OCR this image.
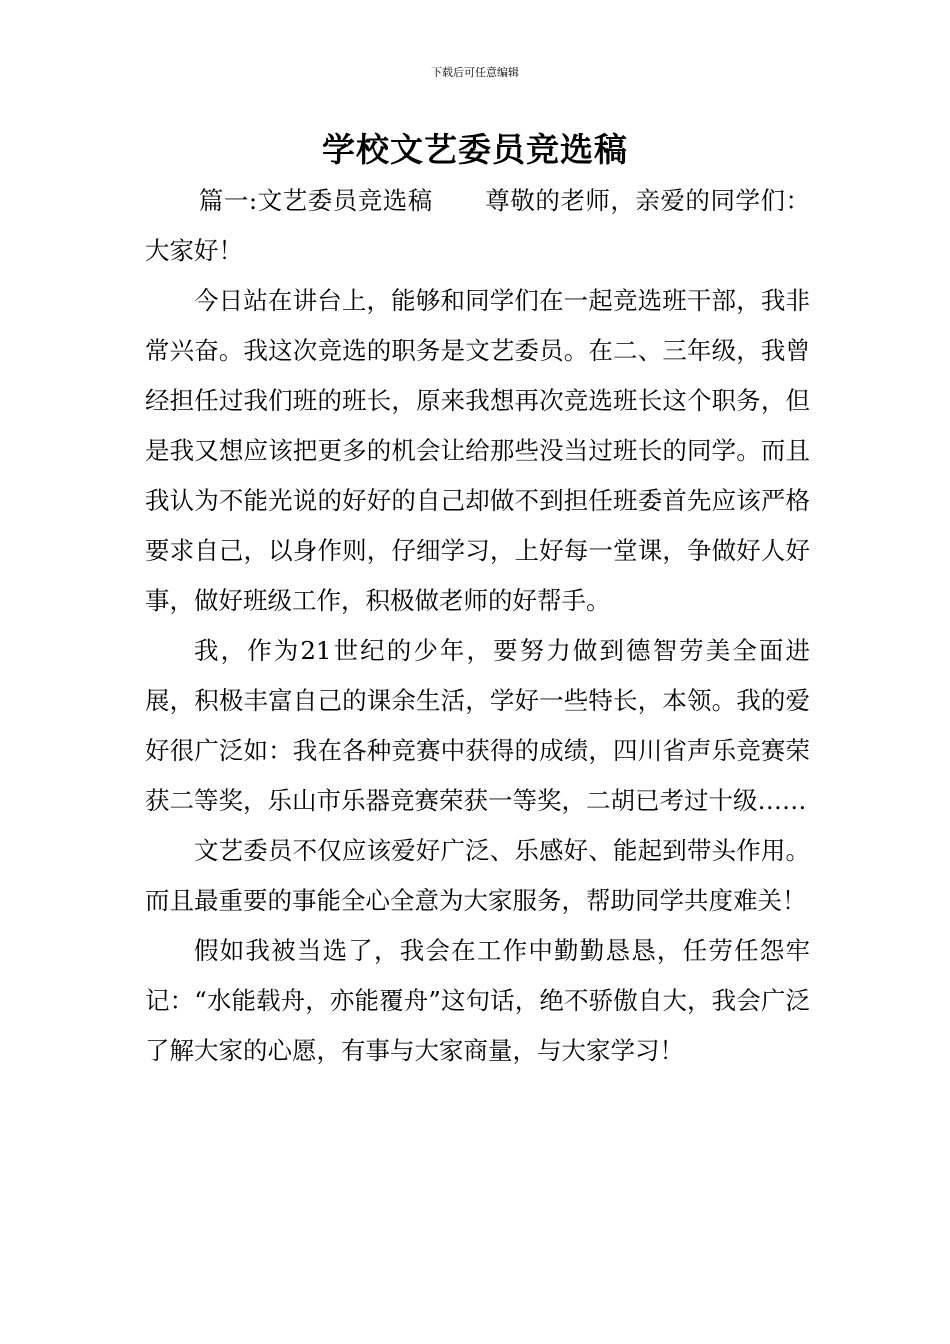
下载后可任意编辑
学校文艺委员竞选稿

篇一:文艺委员竞选稿 尊敬的老师，亲爱的同学们：大家好！

今日站在讲台上，能够和同学们在一起竞选班干部，我非常兴奋。我这次竞选的职务是文艺委员。在二、三年级，我曾经担任过我们班的班长，原来我想再次竞选班长这个职务，但是我又想应该把更多的机会让给那些没当过班长的同学。而且我认为不能光说的好好的自己却做不到担任班委首先应该严格要求自己，以身作则，仔细学习，上好每一堂课，争做好人好事，做好班级工作，积极做老师的好帮手。

我，作为21世纪的少年，要努力做到德智劳美全面进展，积极丰富自己的课余生活，学好一些特长，本领。我的爱好很广泛如：我在各种竞赛中获得的成绩，四川省声乐竞赛荣获二等奖，乐山市乐器竞赛荣获一等奖，二胡已考过十级……

文艺委员不仅应该爱好广泛、乐感好、能起到带头作用。而且最重要的事能全心全意为大家服务，帮助同学共度难关！

假如我被当选了，我会在工作中勤勤恳恳，任劳任怨牢记：“水能载舟，亦能覆舟”这句话，绝不骄傲自大，我会广泛了解大家的心愿，有事与大家商量，与大家学习！
